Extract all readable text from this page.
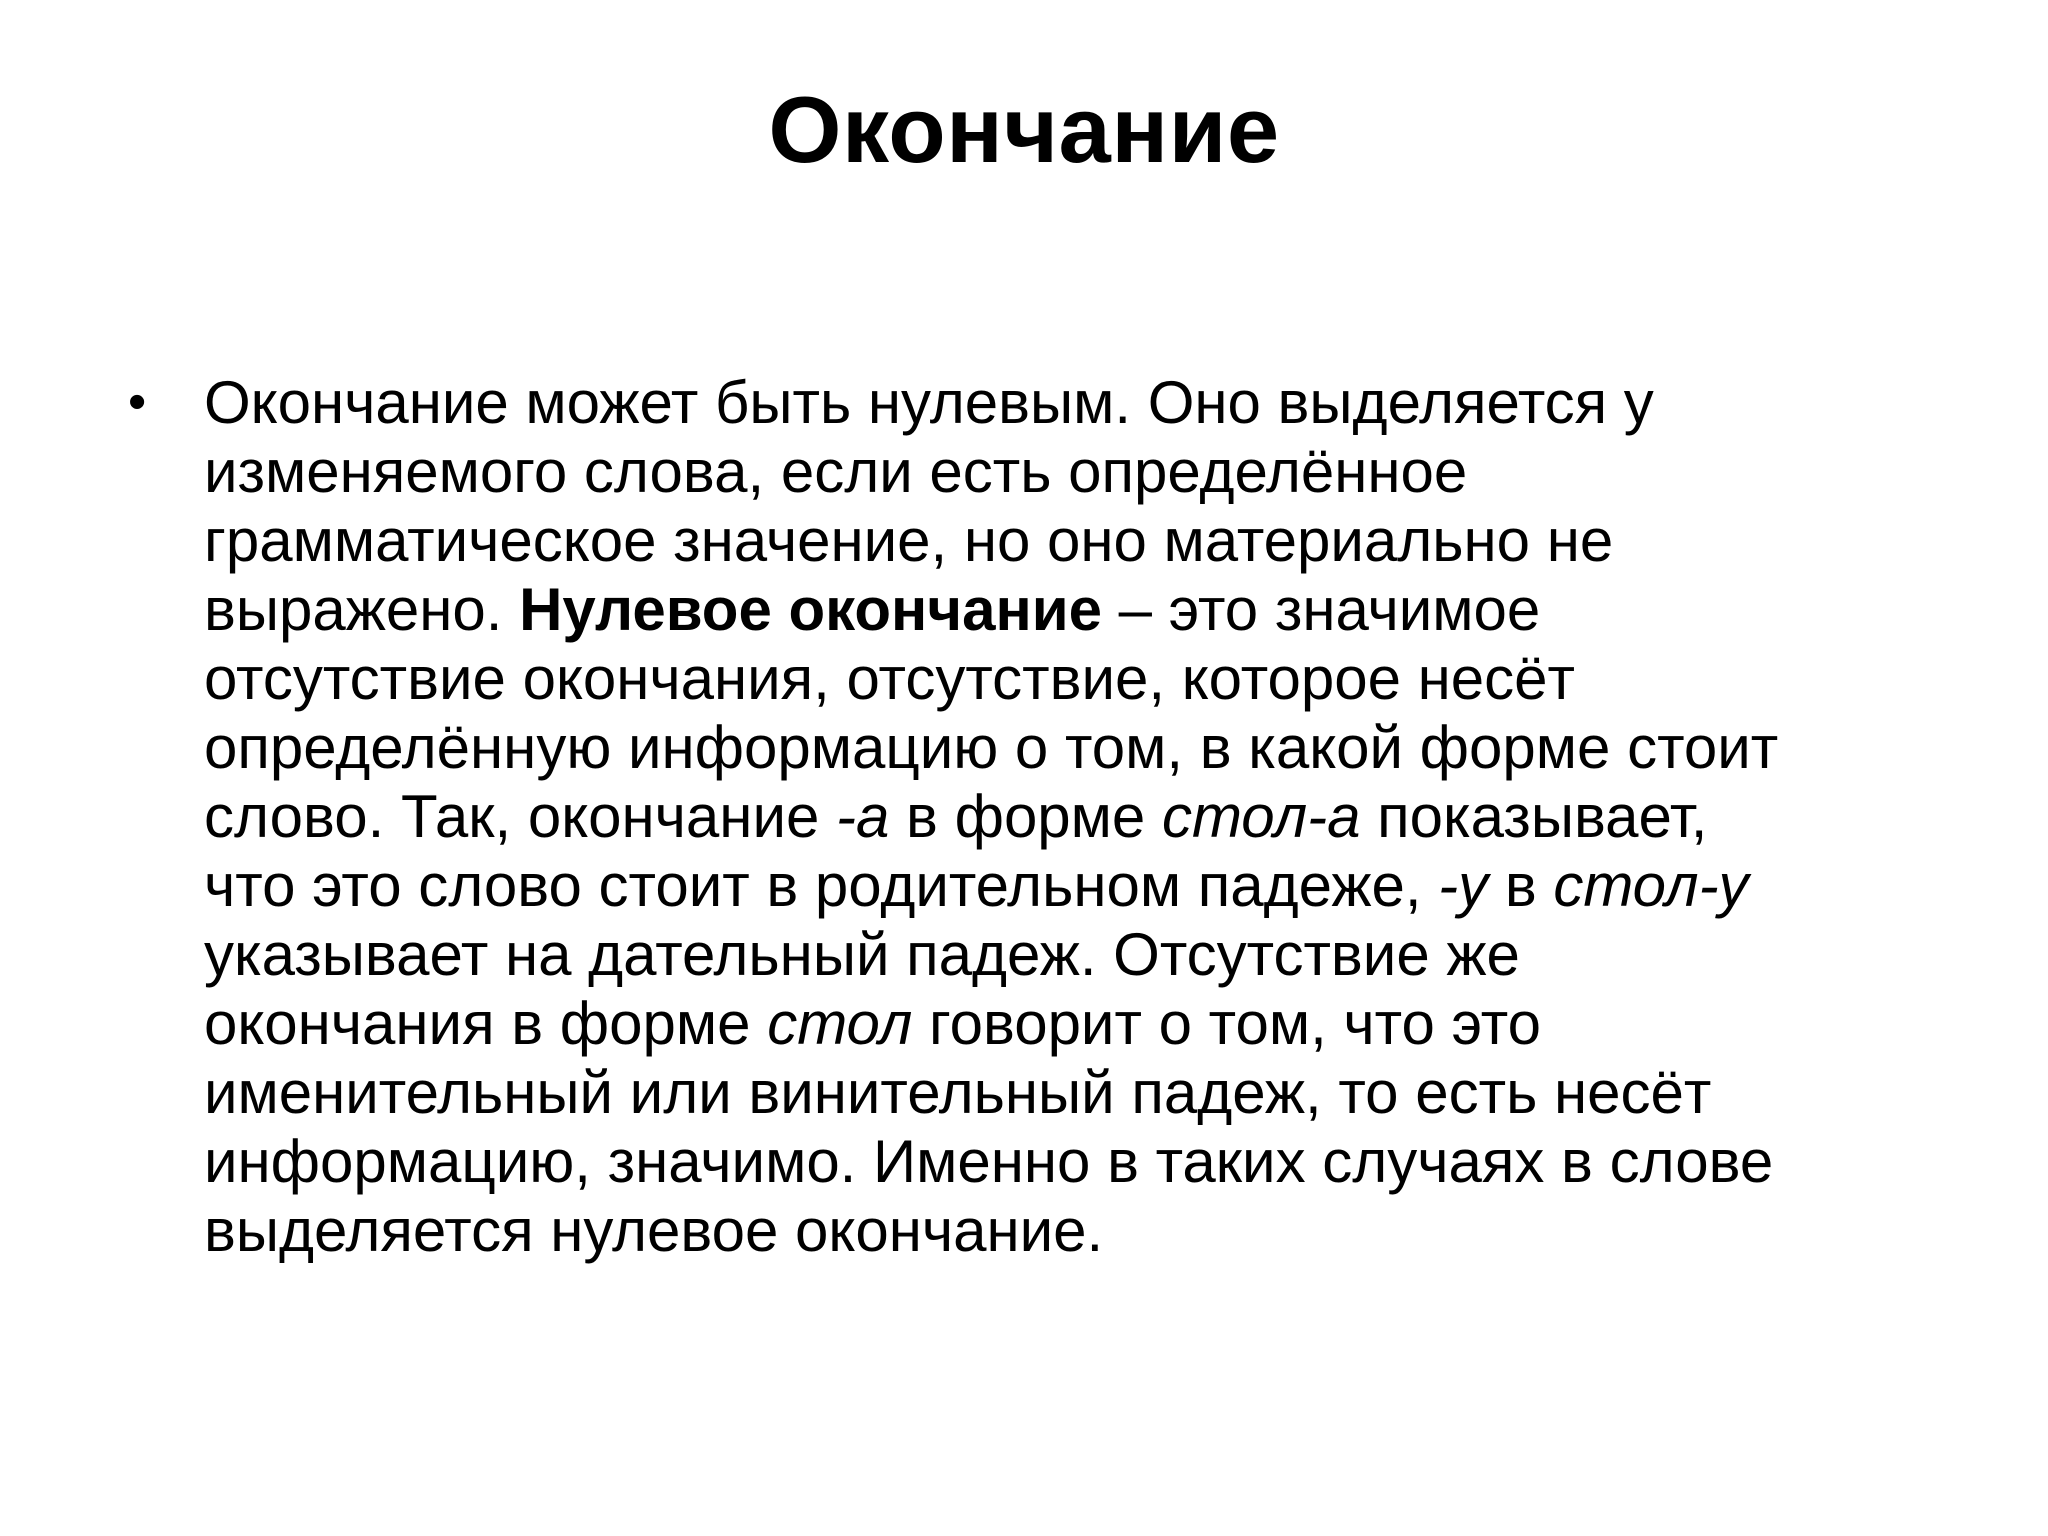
Окончание
• Окончание может быть нулевым. Оно выделяется у
изменяемого слова, если есть определённое
грамматическое значение, но оно материально не
выражено. Нулевое окончание – это значимое
отсутствие окончания, отсутствие, которое несёт
определённую информацию о том, в какой форме стоит
слово. Так, окончание -а в форме стол-а показывает,
что это слово стоит в родительном падеже, -у в стол-у
указывает на дательный падеж. Отсутствие же
окончания в форме стол говорит о том, что это
именительный или винительный падеж, то есть несёт
информацию, значимо. Именно в таких случаях в слове
выделяется нулевое окончание.
